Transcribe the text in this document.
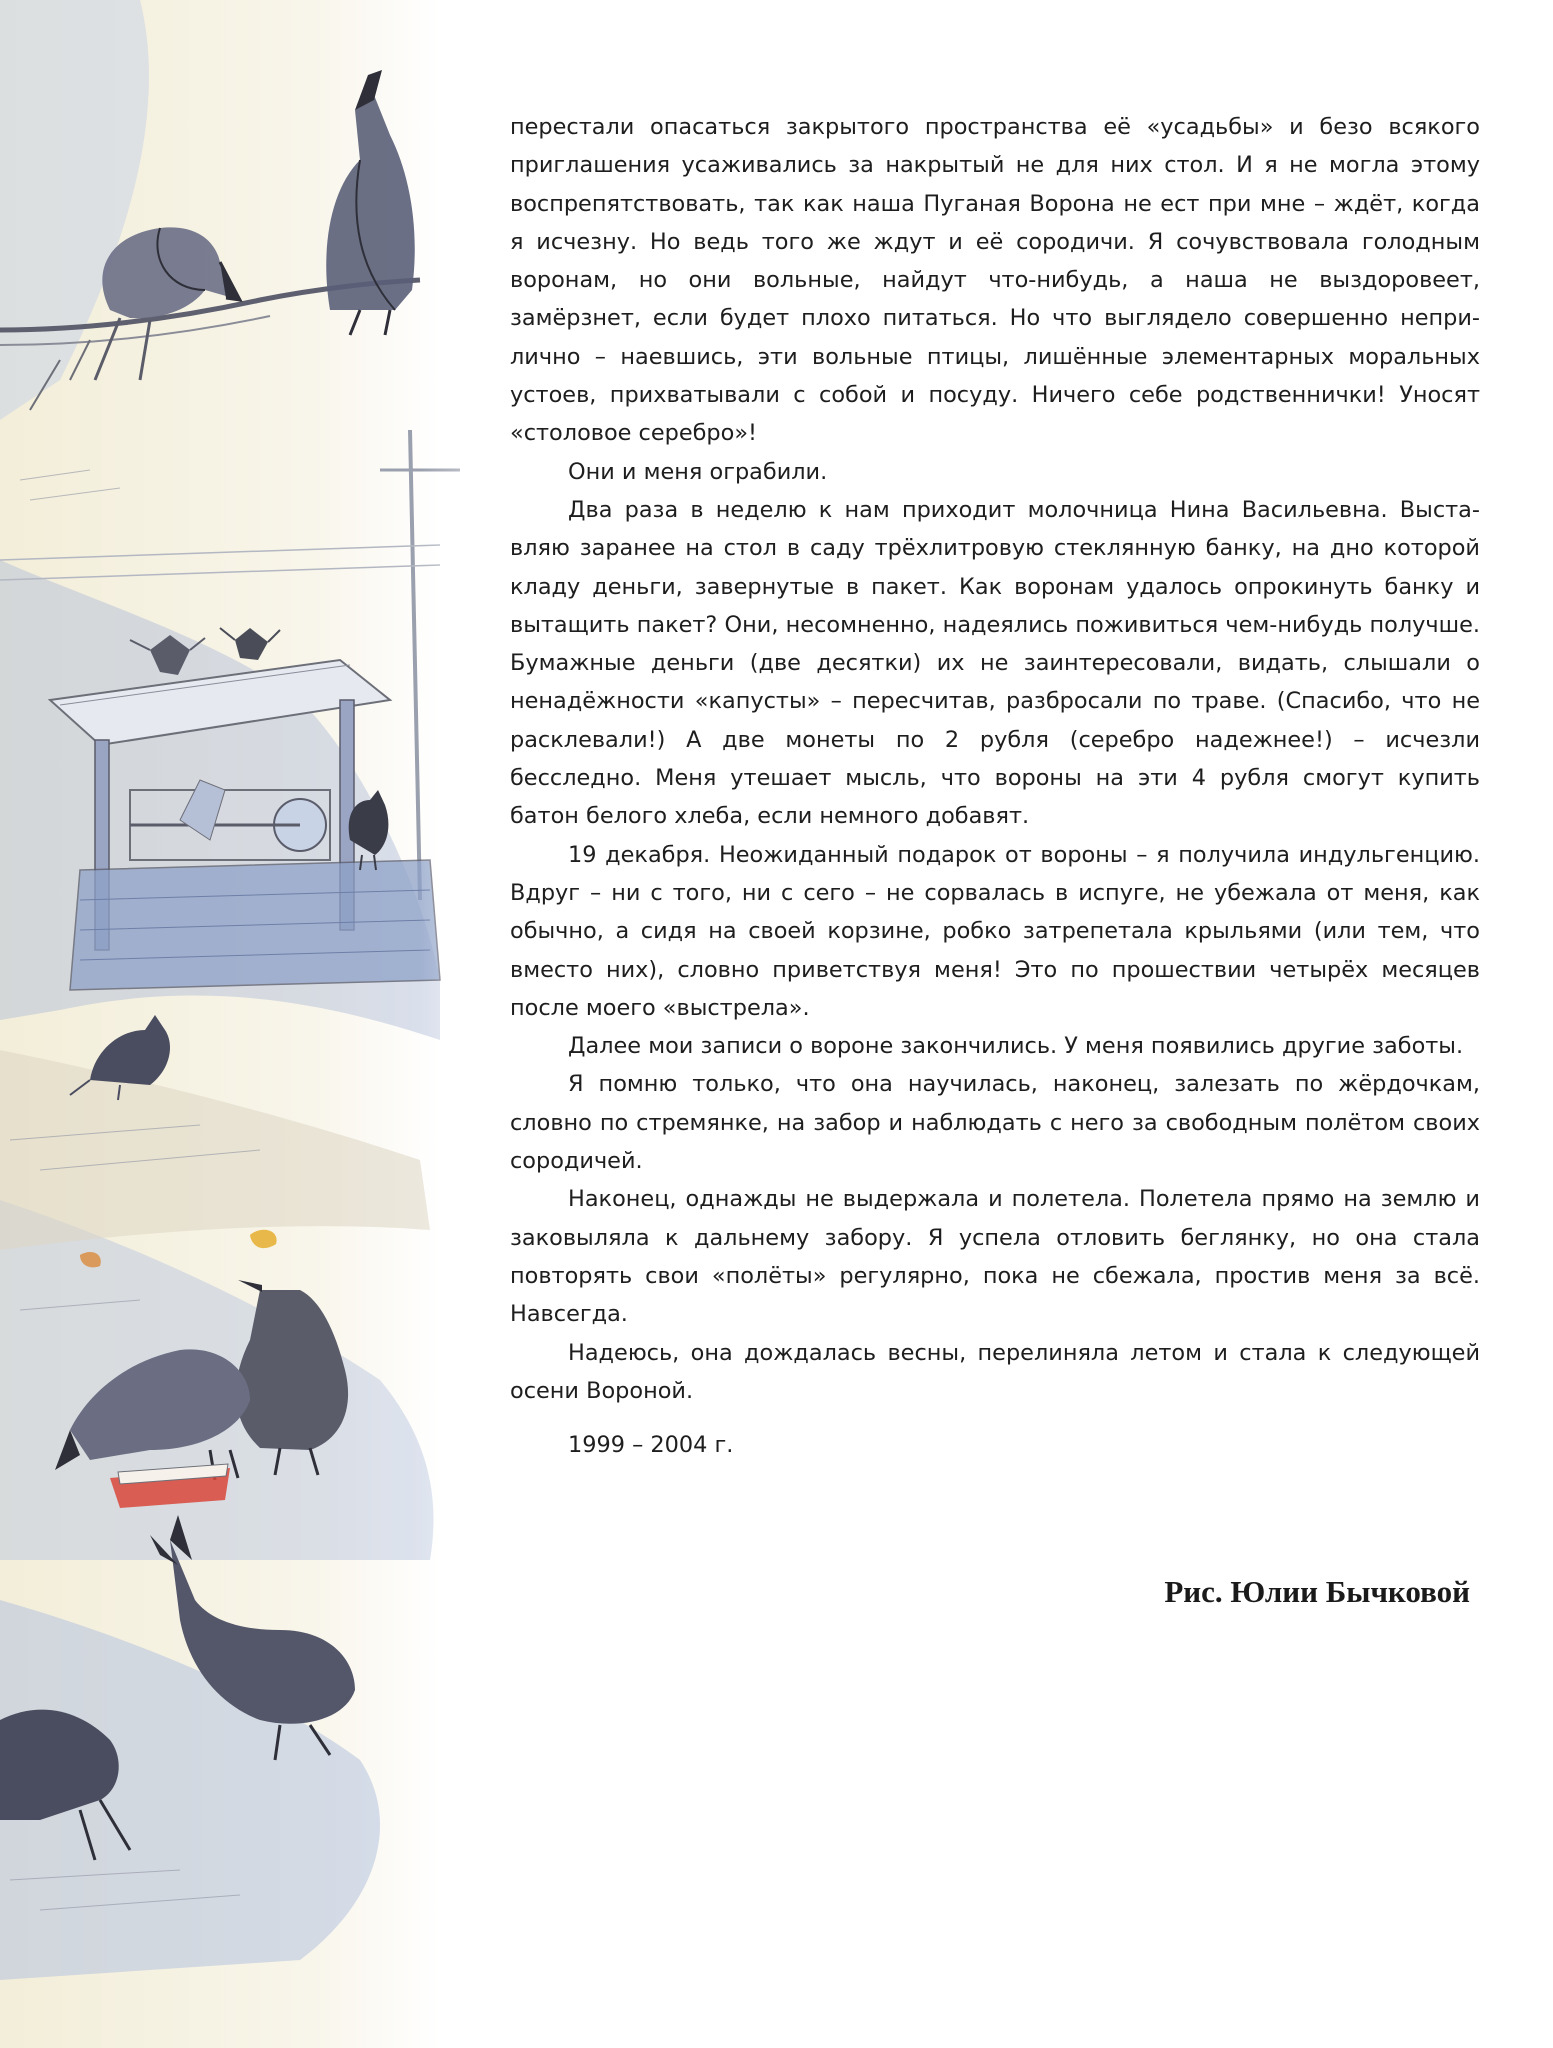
перестали опасаться закрытого пространства её «усадьбы» и безо всякого приглашения усаживались за накрытый не для них стол. И я не могла этому воспрепятствовать, так как наша Пуганая Ворона не ест при мне – ждёт, когда я исчезну. Но ведь того же ждут и её сородичи. Я сочувствовала голодным воронам, но они вольные, найдут что-нибудь, а наша не выздоровеет, замёрзнет, если будет плохо питаться. Но что выглядело совершенно неприлично – наевшись, эти вольные птицы, лишённые элементарных моральных устоев, прихватывали с собой и посуду. Ничего себе родственнички! Уносят «столовое серебро»!

Они и меня ограбили.

Два раза в неделю к нам приходит молочница Нина Васильевна. Выставляю заранее на стол в саду трёхлитровую стеклянную банку, на дно которой кладу деньги, завернутые в пакет. Как воронам удалось опрокинуть банку и вытащить пакет? Они, несомненно, надеялись поживиться чем-нибудь получше. Бумажные деньги (две десятки) их не заинтересовали, видать, слышали о ненадёжности «капусты» – пересчитав, разбросали по траве. (Спасибо, что не расклевали!) А две монеты по 2 рубля (серебро надежнее!) – исчезли бесследно. Меня утешает мысль, что вороны на эти 4 рубля смогут купить батон белого хлеба, если немного добавят.

19 декабря. Неожиданный подарок от вороны – я получила индульгенцию. Вдруг – ни с того, ни с сего – не сорвалась в испуге, не убежала от меня, как обычно, а сидя на своей корзине, робко затрепетала крыльями (или тем, что вместо них), словно приветствуя меня! Это по прошествии четырёх месяцев после моего «выстрела».

Далее мои записи о вороне закончились. У меня появились другие заботы.

Я помню только, что она научилась, наконец, залезать по жёрдочкам, словно по стремянке, на забор и наблюдать с него за свободным полётом своих сородичей.

Наконец, однажды не выдержала и полетела. Полетела прямо на землю и заковыляла к дальнему забору. Я успела отловить беглянку, но она стала повторять свои «полёты» регулярно, пока не сбежала, простив меня за всё. Навсегда.

Надеюсь, она дождалась весны, перелиняла летом и стала к следующей осени Вороной.

1999 – 2004 г.
Рис. Юлии Бычковой
